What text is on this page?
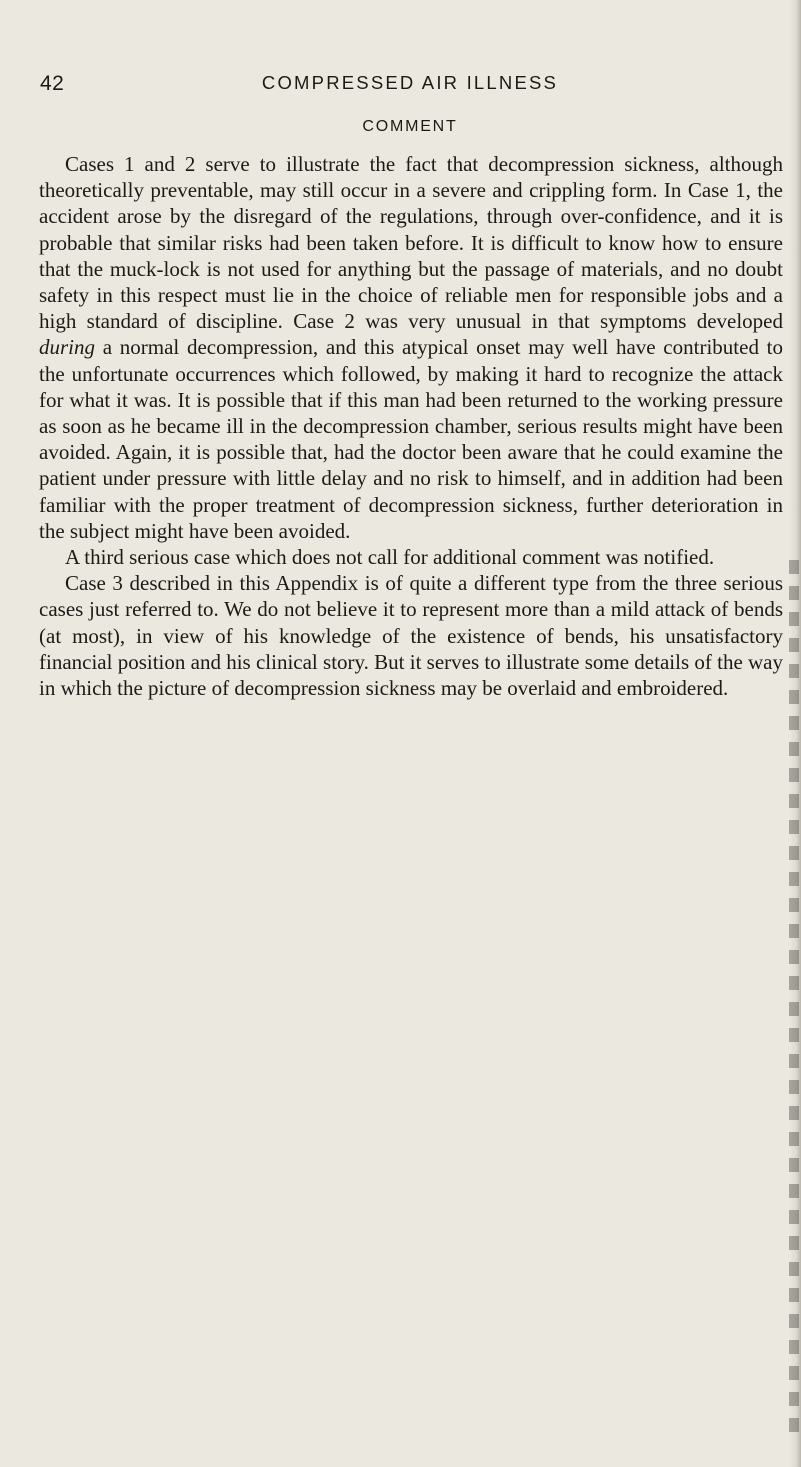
42	COMPRESSED AIR ILLNESS
COMMENT

Cases 1 and 2 serve to illustrate the fact that decompression sickness, although theoretically preventable, may still occur in a severe and crippling form. In Case 1, the accident arose by the disregard of the regulations, through over-confidence, and it is probable that similar risks had been taken before. It is difficult to know how to ensure that the muck-lock is not used for anything but the passage of materials, and no doubt safety in this respect must lie in the choice of reliable men for responsible jobs and a high standard of discipline. Case 2 was very unusual in that symptoms developed during a normal decompression, and this atypical onset may well have contributed to the unfortunate occurrences which followed, by making it hard to recognize the attack for what it was. It is possible that if this man had been returned to the working pressure as soon as he became ill in the decompression chamber, serious results might have been avoided. Again, it is possible that, had the doctor been aware that he could examine the patient under pressure with little delay and no risk to himself, and in addition had been familiar with the proper treatment of decompression sickness, further deterioration in the subject might have been avoided.

A third serious case which does not call for additional comment was notified.

Case 3 described in this Appendix is of quite a different type from the three serious cases just referred to. We do not believe it to represent more than a mild attack of bends (at most), in view of his knowledge of the existence of bends, his unsatisfactory financial position and his clinical story. But it serves to illustrate some details of the way in which the picture of decompression sickness may be overlaid and embroidered.
